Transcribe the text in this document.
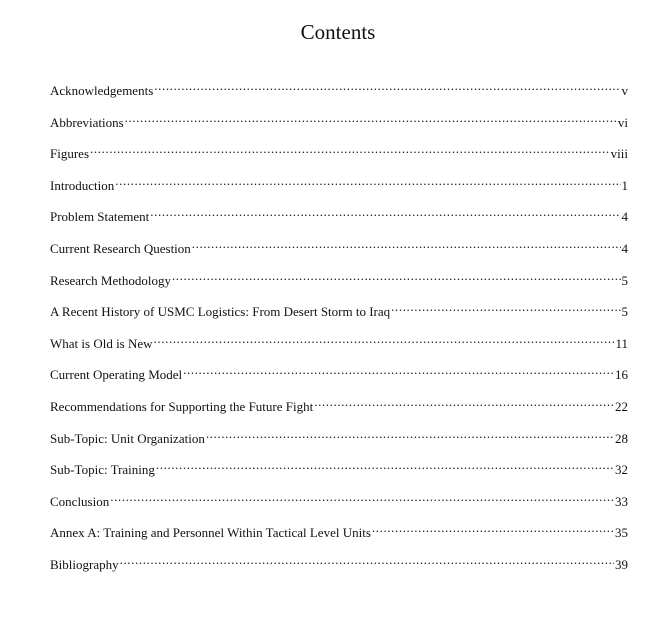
Contents
Acknowledgements .....	v
Abbreviations .....	vi
Figures .....	viii
Introduction .....	1
Problem Statement .....	4
Current Research Question .....	4
Research Methodology .....	5
A Recent History of USMC Logistics: From Desert Storm to Iraq .....	5
What is Old is New .....	11
Current Operating Model .....	16
Recommendations for Supporting the Future Fight .....	22
Sub-Topic: Unit Organization .....	28
Sub-Topic: Training .....	32
Conclusion .....	33
Annex A: Training and Personnel Within Tactical Level Units .....	35
Bibliography .....	39
